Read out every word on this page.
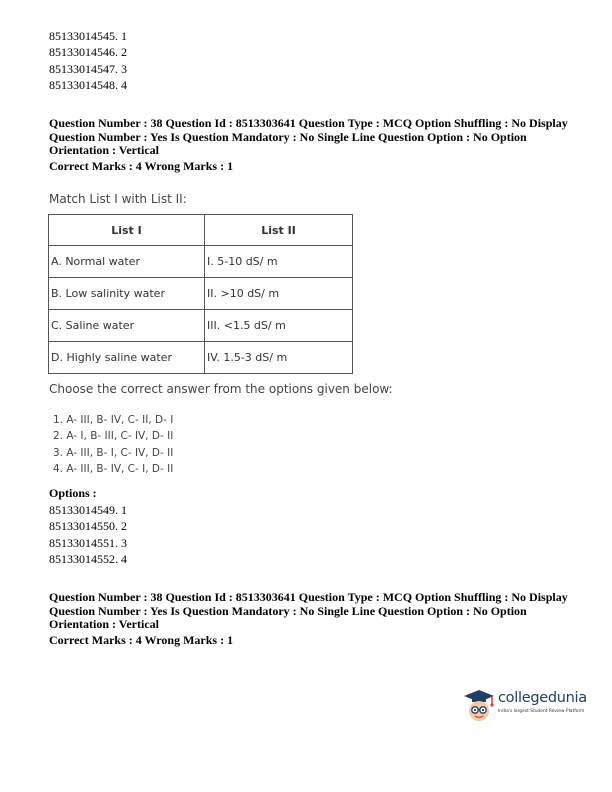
85133014545. 1
85133014546. 2
85133014547. 3
85133014548. 4
Question Number : 38 Question Id : 8513303641 Question Type : MCQ Option Shuffling : No Display Question Number : Yes Is Question Mandatory : No Single Line Question Option : No Option Orientation : Vertical
Correct Marks : 4 Wrong Marks : 1
Match List I with List II:
List I	List II
A. Normal water	I. 5-10 dS/ m
B. Low salinity water	II. >10 dS/ m
C. Saline water	III. <1.5 dS/ m
D. Highly saline water	IV. 1.5-3 dS/ m
Choose the correct answer from the options given below:
1. A- III, B- IV, C- II, D- I
2. A- I, B- III, C- IV, D- II
3. A- III, B- I, C- IV, D- II
4. A- III, B- IV, C- I, D- II
Options :
85133014549. 1
85133014550. 2
85133014551. 3
85133014552. 4
Question Number : 38 Question Id : 8513303641 Question Type : MCQ Option Shuffling : No Display Question Number : Yes Is Question Mandatory : No Single Line Question Option : No Option Orientation : Vertical
Correct Marks : 4 Wrong Marks : 1
collegedunia
India's largest Student Review Platform
